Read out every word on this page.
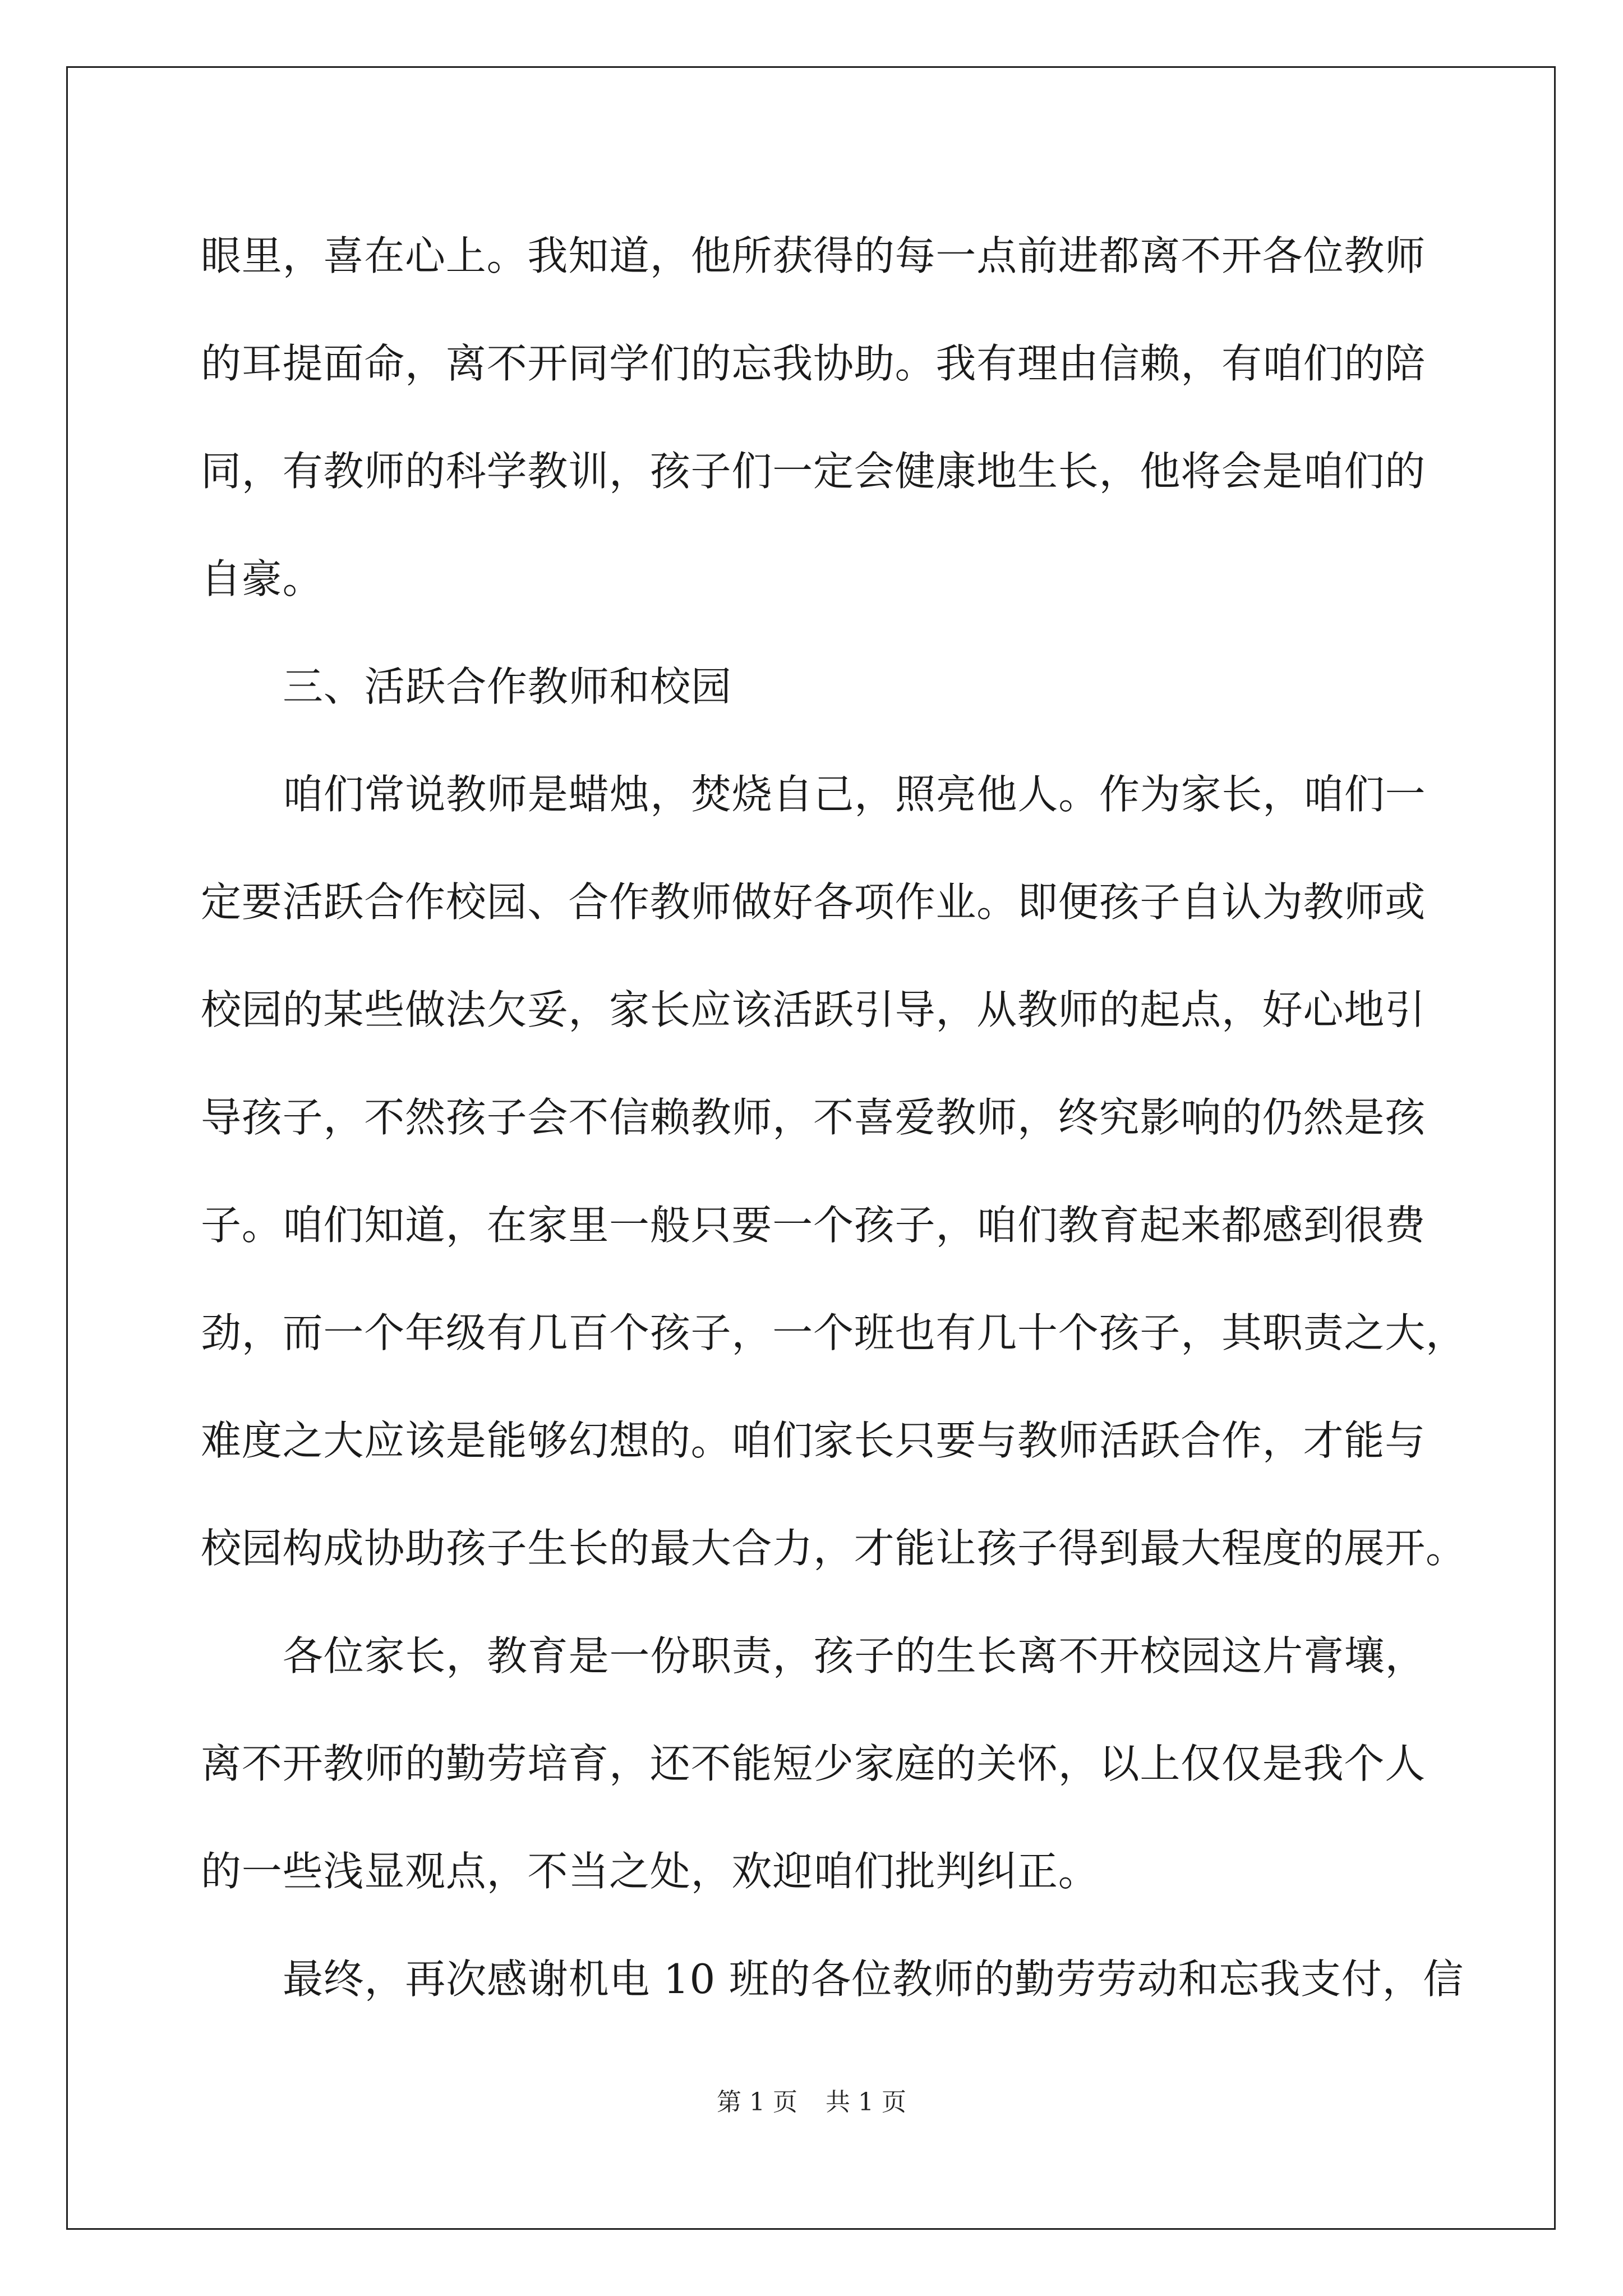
眼里，喜在心上。我知道，他所获得的每一点前进都离不开各位教师
的耳提面命，离不开同学们的忘我协助。我有理由信赖，有咱们的陪
同，有教师的科学教训，孩子们一定会健康地生长，他将会是咱们的
自豪。
三、活跃合作教师和校园
咱们常说教师是蜡烛，焚烧自己，照亮他人。作为家长，咱们一
定要活跃合作校园、合作教师做好各项作业。即便孩子自认为教师或
校园的某些做法欠妥，家长应该活跃引导，从教师的起点，好心地引
导孩子，不然孩子会不信赖教师，不喜爱教师，终究影响的仍然是孩
子。咱们知道，在家里一般只要一个孩子，咱们教育起来都感到很费
劲，而一个年级有几百个孩子，一个班也有几十个孩子，其职责之大，
难度之大应该是能够幻想的。咱们家长只要与教师活跃合作，才能与
校园构成协助孩子生长的最大合力，才能让孩子得到最大程度的展开。
各位家长，教育是一份职责，孩子的生长离不开校园这片膏壤，
离不开教师的勤劳培育，还不能短少家庭的关怀，以上仅仅是我个人
的一些浅显观点，不当之处，欢迎咱们批判纠正。
最终，再次感谢机电 10 班的各位教师的勤劳劳动和忘我支付，信
第 1 页 共 1 页
